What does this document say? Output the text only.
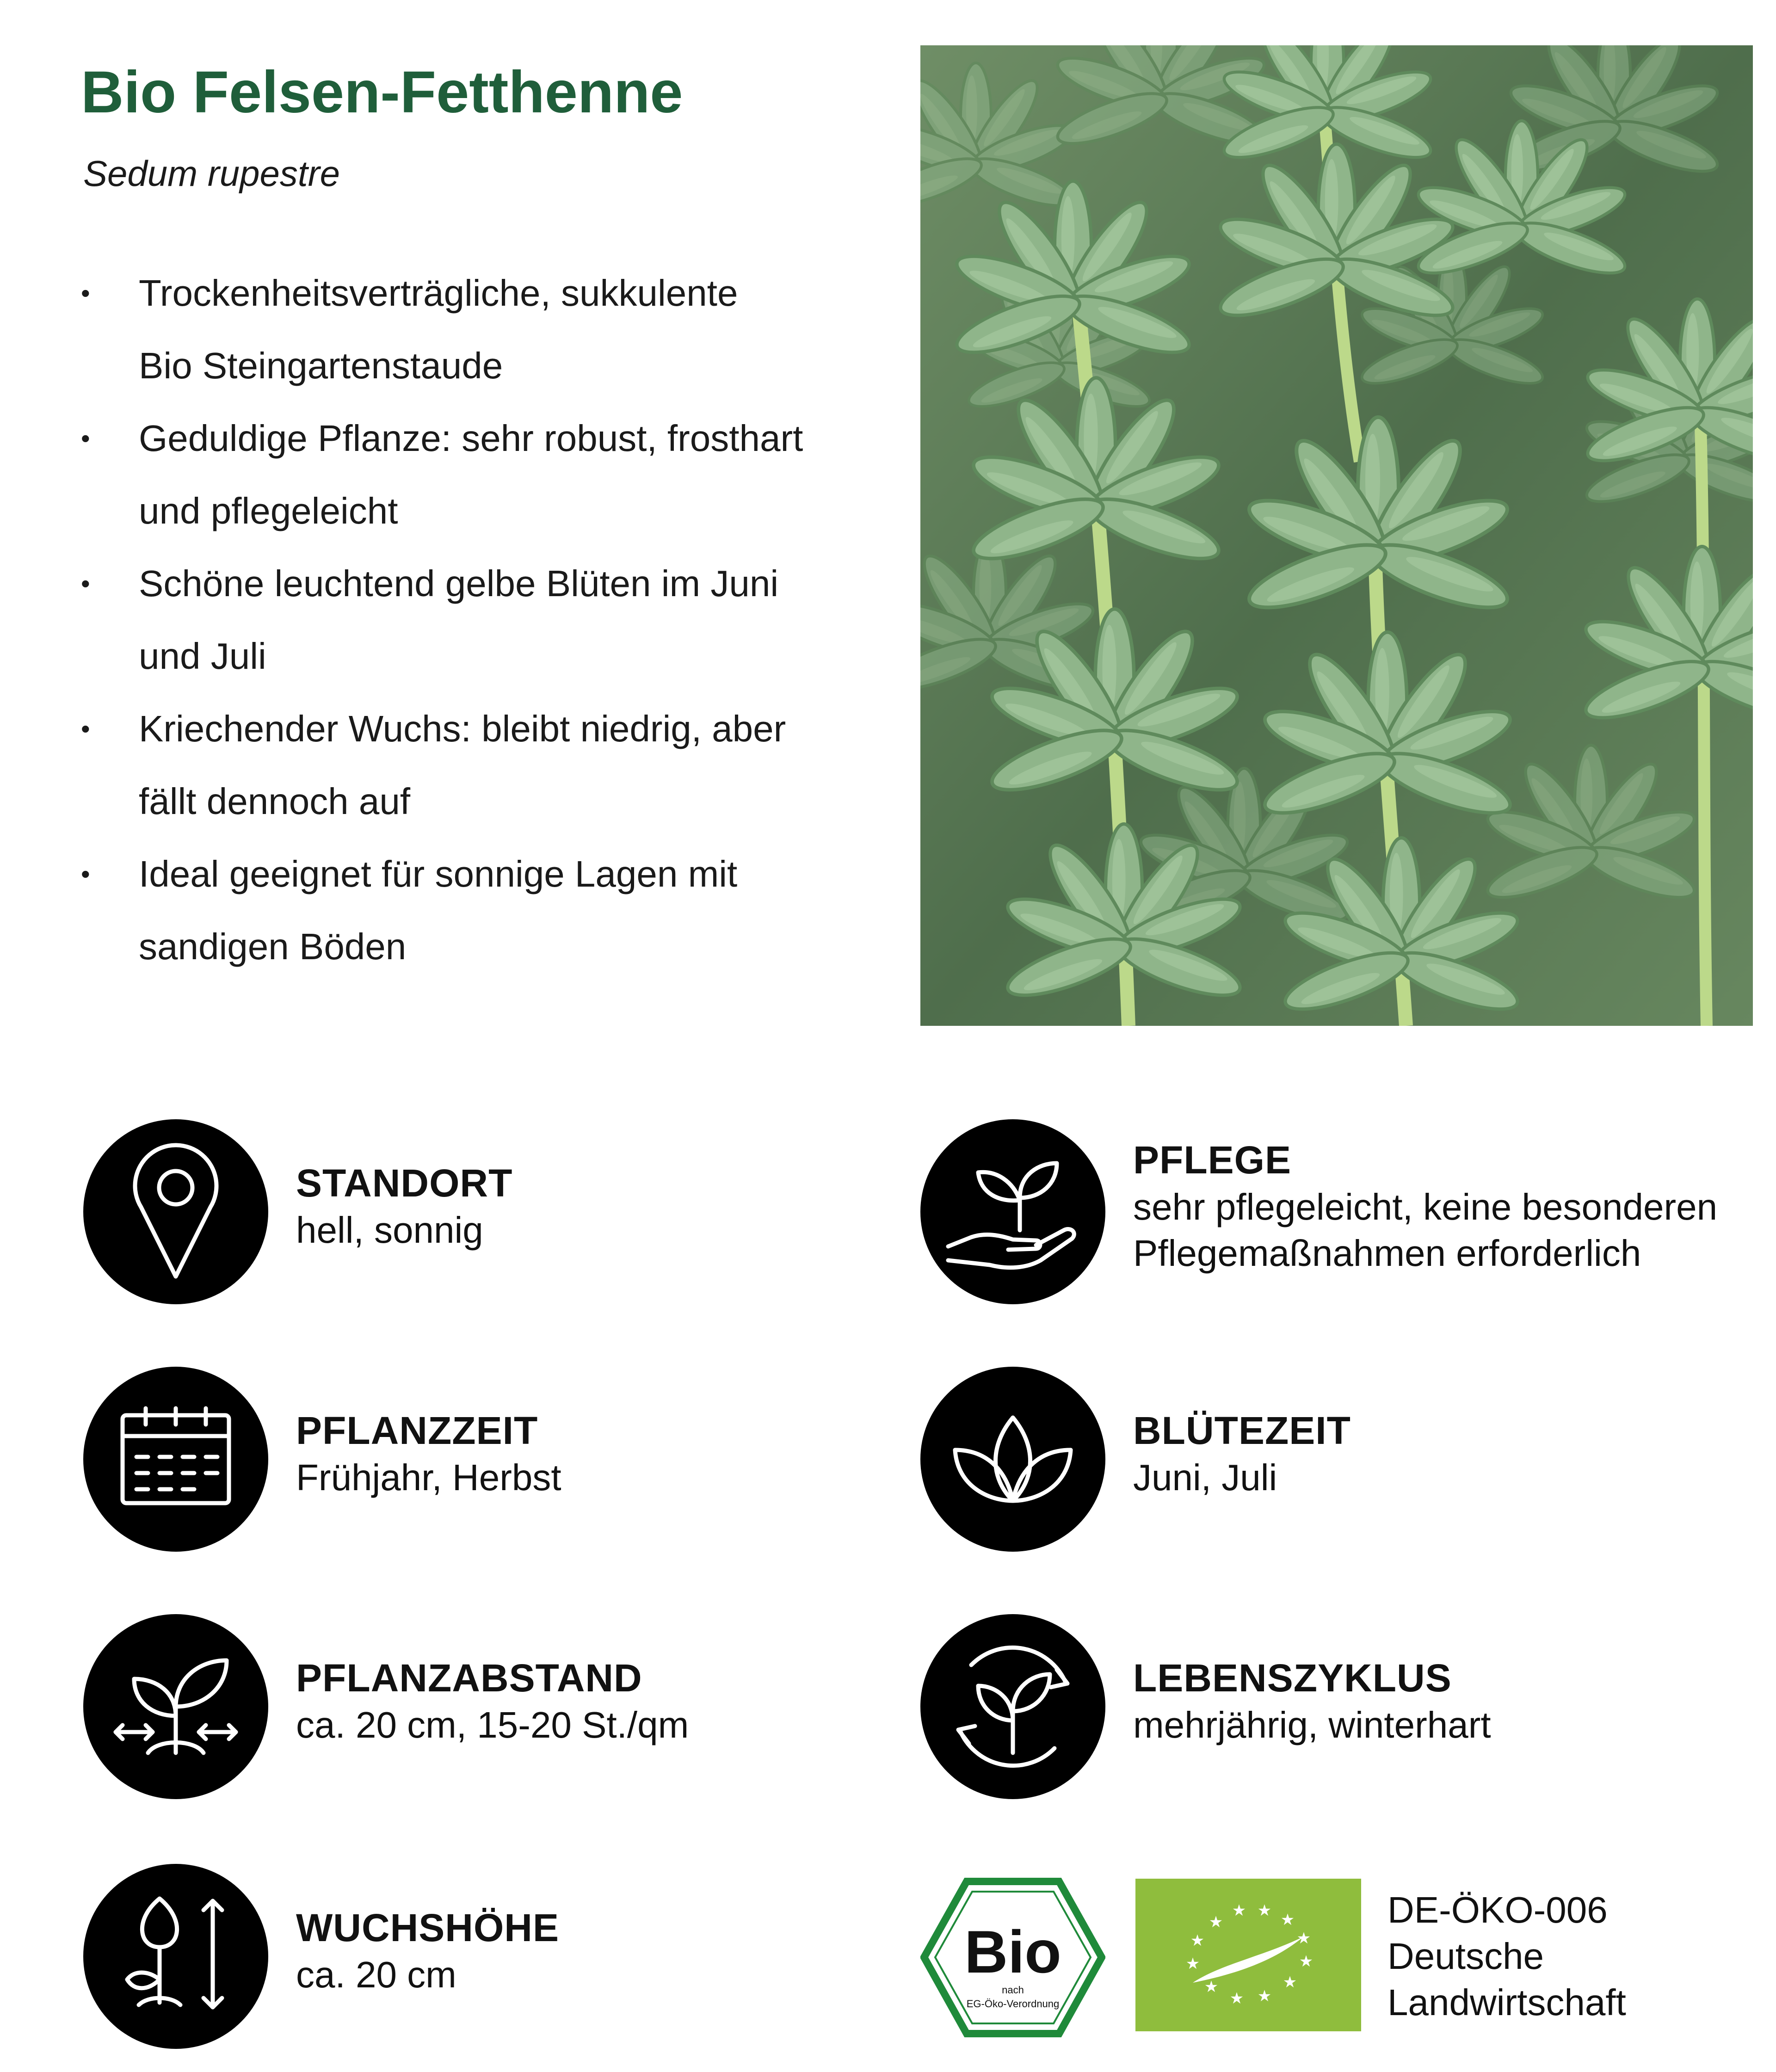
Bio Felsen-Fetthenne

Sedum rupestre

• Trockenheitsverträgliche, sukkulente
Bio Steingartenstaude
• Geduldige Pflanze: sehr robust, frosthart
und pflegeleicht
• Schöne leuchtend gelbe Blüten im Juni
und Juli
• Kriechender Wuchs: bleibt niedrig, aber
fällt dennoch auf
• Ideal geeignet für sonnige Lagen mit
sandigen Böden
STANDORT
hell, sonnig
PFLANZZEIT
Frühjahr, Herbst
PFLANZABSTAND
ca. 20 cm, 15-20 St./qm
WUCHSHÖHE
ca. 20 cm
PFLEGE
sehr pflegeleicht, keine besonderen
Pflegemaßnahmen erforderlich
BLÜTEZEIT
Juni, Juli
LEBENSZYKLUS
mehrjährig, winterhart
Bio
nach
EG-Öko-Verordnung
★
★
★ ★ ★
★
★
★
★ ★
★
★
DE-ÖKO-006
Deutsche
Landwirtschaft
